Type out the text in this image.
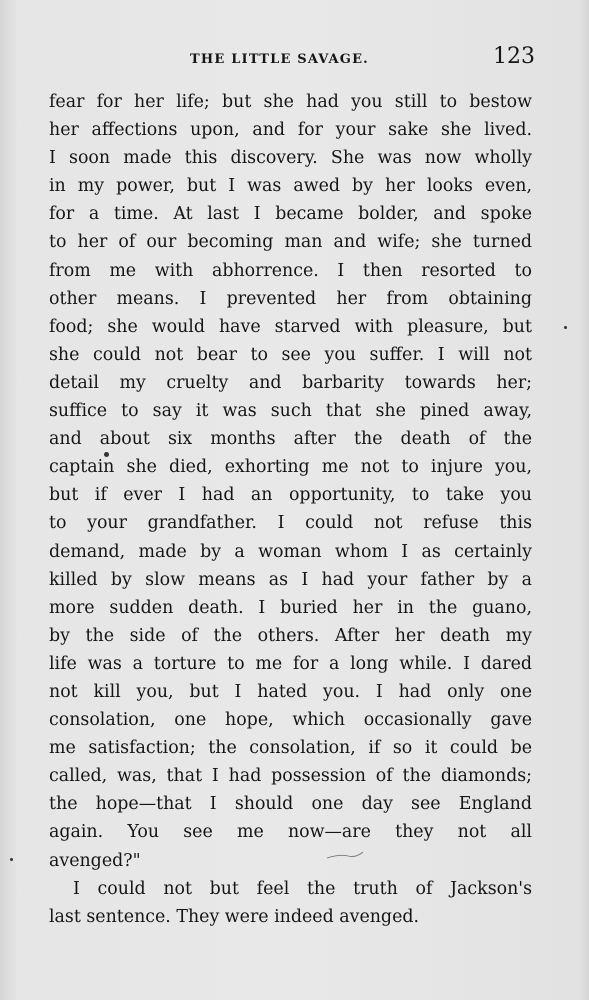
THE LITTLE SAVAGE.	123
fear for her life; but she had you still to bestow
her affections upon, and for your sake she lived.
I soon made this discovery. She was now wholly
in my power, but I was awed by her looks even,
for a time. At last I became bolder, and spoke
to her of our becoming man and wife; she turned
from me with abhorrence. I then resorted to
other means. I prevented her from obtaining
food; she would have starved with pleasure, but
she could not bear to see you suffer. I will not
detail my cruelty and barbarity towards her;
suffice to say it was such that she pined away,
and about six months after the death of the
captain she died, exhorting me not to injure you,
but if ever I had an opportunity, to take you
to your grandfather. I could not refuse this
demand, made by a woman whom I as certainly
killed by slow means as I had your father by a
more sudden death. I buried her in the guano,
by the side of the others. After her death my
life was a torture to me for a long while. I dared
not kill you, but I hated you. I had only one
consolation, one hope, which occasionally gave
me satisfaction; the consolation, if so it could be
called, was, that I had possession of the diamonds;
the hope—that I should one day see England
again. You see me now—are they not all
avenged?"
I could not but feel the truth of Jackson's
last sentence. They were indeed avenged.
